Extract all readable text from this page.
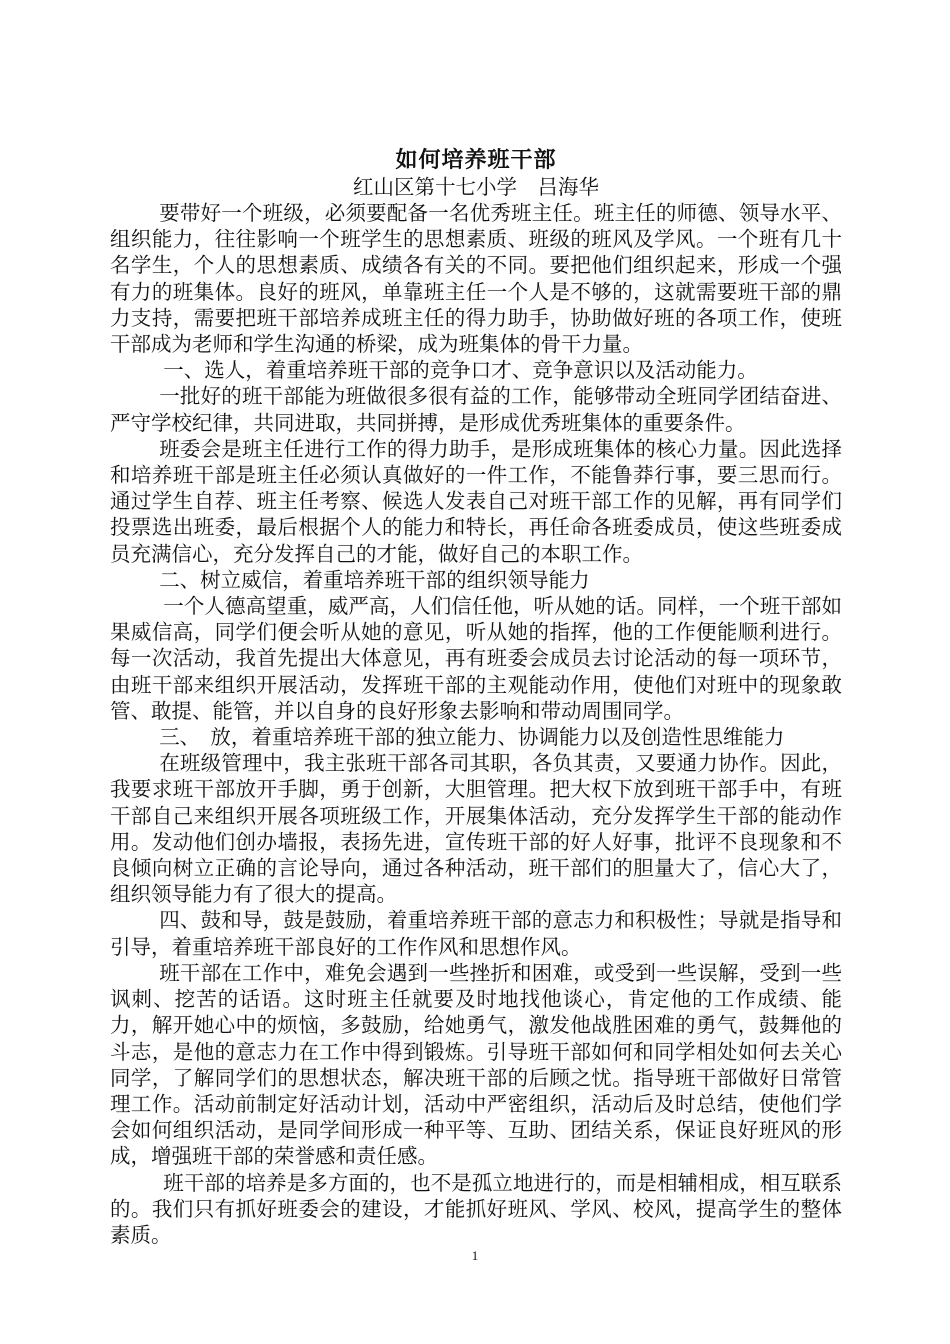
如何培养班干部

红山区第十七小学　吕海华

要带好一个班级，必须要配备一名优秀班主任。班主任的师德、领导水平、组织能力，往往影响一个班学生的思想素质、班级的班风及学风。一个班有几十名学生，个人的思想素质、成绩各有关的不同。要把他们组织起来，形成一个强有力的班集体。良好的班风，单靠班主任一个人是不够的，这就需要班干部的鼎力支持，需要把班干部培养成班主任的得力助手，协助做好班的各项工作，使班干部成为老师和学生沟通的桥梁，成为班集体的骨干力量。

一、选人，着重培养班干部的竞争口才、竞争意识以及活动能力。

一批好的班干部能为班做很多很有益的工作，能够带动全班同学团结奋进、严守学校纪律，共同进取，共同拼搏，是形成优秀班集体的重要条件。

班委会是班主任进行工作的得力助手，是形成班集体的核心力量。因此选择和培养班干部是班主任必须认真做好的一件工作，不能鲁莽行事，要三思而行。通过学生自荐、班主任考察、候选人发表自己对班干部工作的见解，再有同学们投票选出班委，最后根据个人的能力和特长，再任命各班委成员，使这些班委成员充满信心，充分发挥自己的才能，做好自己的本职工作。

二、树立威信，着重培养班干部的组织领导能力

一个人德高望重，威严高，人们信任他，听从她的话。同样，一个班干部如果威信高，同学们便会听从她的意见，听从她的指挥，他的工作便能顺利进行。每一次活动，我首先提出大体意见，再有班委会成员去讨论活动的每一项环节，由班干部来组织开展活动，发挥班干部的主观能动作用，使他们对班中的现象敢管、敢提、能管，并以自身的良好形象去影响和带动周围同学。

三、　放，着重培养班干部的独立能力、协调能力以及创造性思维能力

在班级管理中，我主张班干部各司其职，各负其责，又要通力协作。因此，我要求班干部放开手脚，勇于创新，大胆管理。把大权下放到班干部手中，有班干部自己来组织开展各项班级工作，开展集体活动，充分发挥学生干部的能动作用。发动他们创办墙报，表扬先进，宣传班干部的好人好事，批评不良现象和不良倾向树立正确的言论导向，通过各种活动，班干部们的胆量大了，信心大了，组织领导能力有了很大的提高。

四、鼓和导，鼓是鼓励，着重培养班干部的意志力和积极性；导就是指导和引导，着重培养班干部良好的工作作风和思想作风。

班干部在工作中，难免会遇到一些挫折和困难，或受到一些误解，受到一些讽刺、挖苦的话语。这时班主任就要及时地找他谈心，肯定他的工作成绩、能力，解开她心中的烦恼，多鼓励，给她勇气，激发他战胜困难的勇气，鼓舞他的斗志，是他的意志力在工作中得到锻炼。引导班干部如何和同学相处如何去关心同学，了解同学们的思想状态，解决班干部的后顾之忧。指导班干部做好日常管理工作。活动前制定好活动计划，活动中严密组织，活动后及时总结，使他们学会如何组织活动，是同学间形成一种平等、互助、团结关系，保证良好班风的形成，增强班干部的荣誉感和责任感。

班干部的培养是多方面的，也不是孤立地进行的，而是相辅相成，相互联系的。我们只有抓好班委会的建设，才能抓好班风、学风、校风，提高学生的整体素质。

1
